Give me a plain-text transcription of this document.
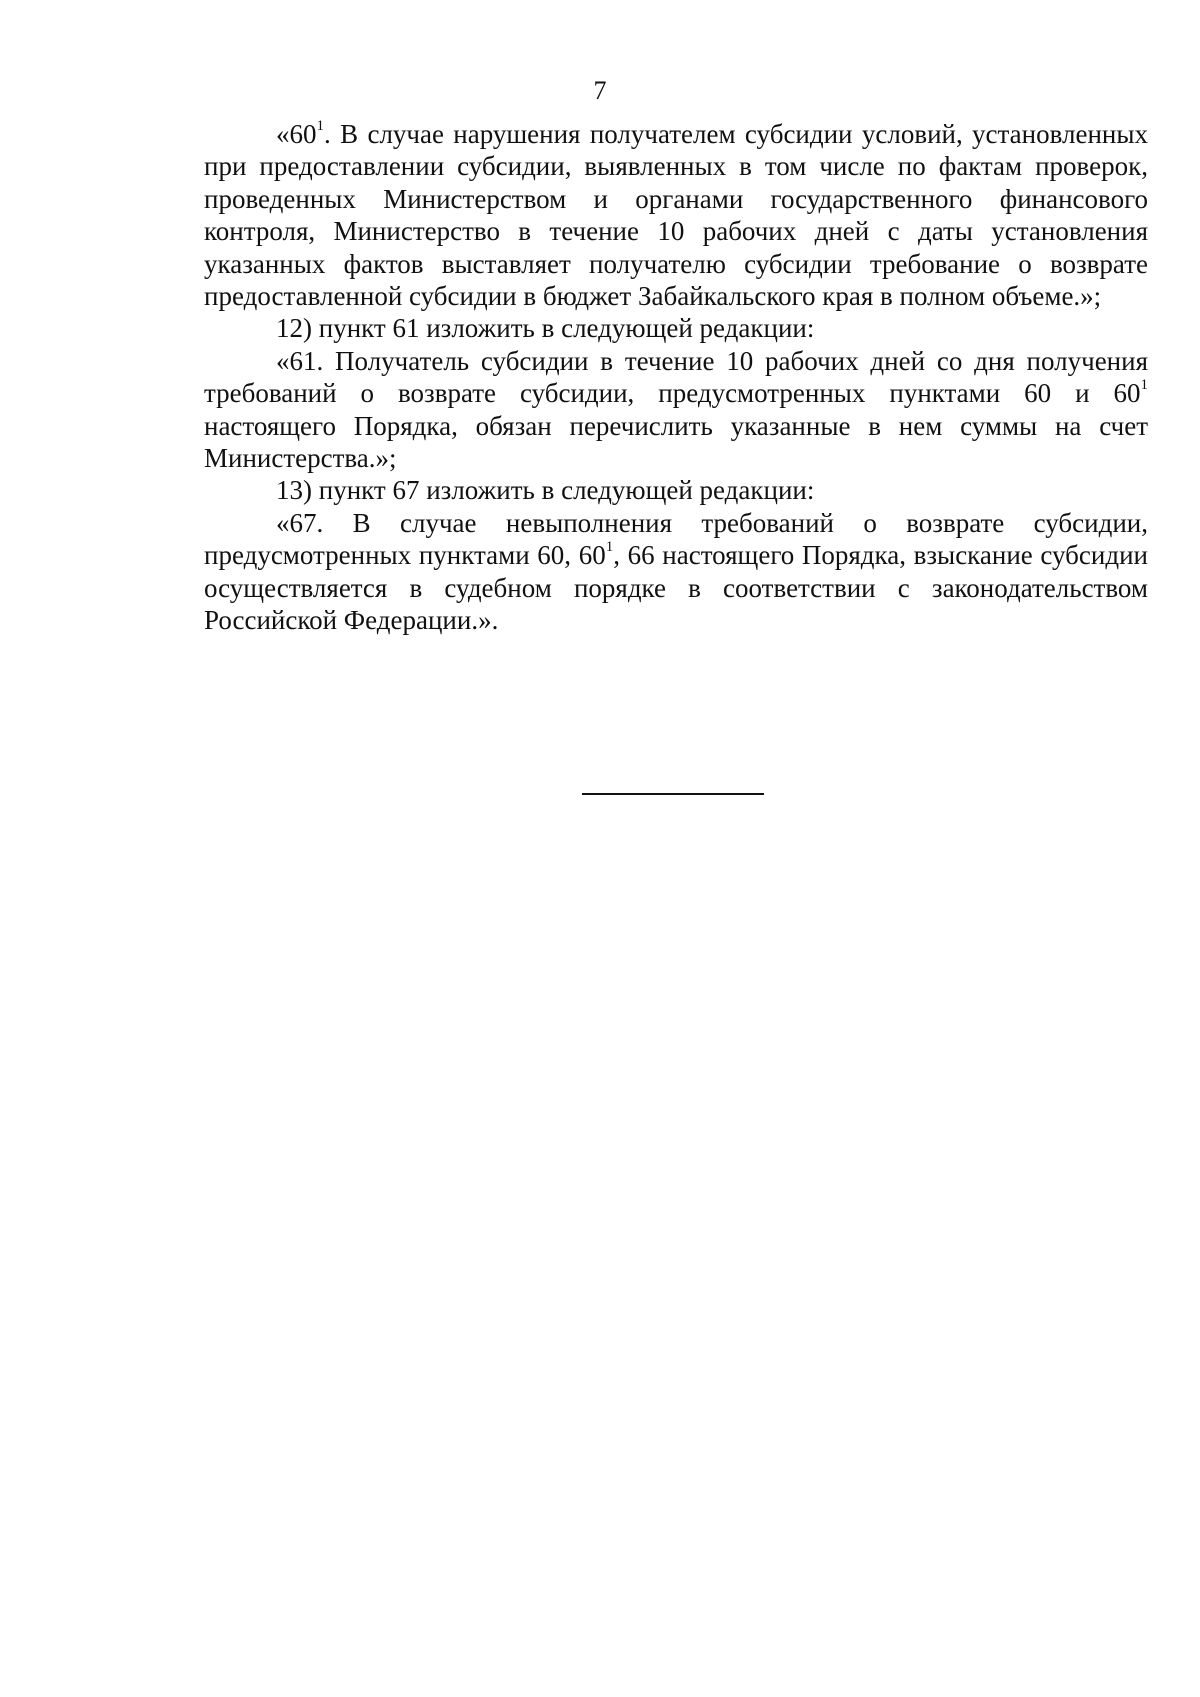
7

«$60^1$. В случае нарушения получателем субсидии условий, установленных при предоставлении субсидии, выявленных в том числе по фактам проверок, проведенных Министерством и органами государственного финансового контроля, Министерство в течение 10 рабочих дней с даты установления указанных фактов выставляет получателю субсидии требование о возврате предоставленной субсидии в бюджет Забайкальского края в полном объеме.»;

12) пункт 61 изложить в следующей редакции:

«61. Получатель субсидии в течение 10 рабочих дней со дня получения требований о возврате субсидии, предусмотренных пунктами 60 и $60^1$ настоящего Порядка, обязан перечислить указанные в нем суммы на счет Министерства.»;

13) пункт 67 изложить в следующей редакции:

«67. В случае невыполнения требований о возврате субсидии, предусмотренных пунктами 60, $60^1$, 66 настоящего Порядка, взыскание субсидии осуществляется в судебном порядке в соответствии с законодательством Российской Федерации.».
